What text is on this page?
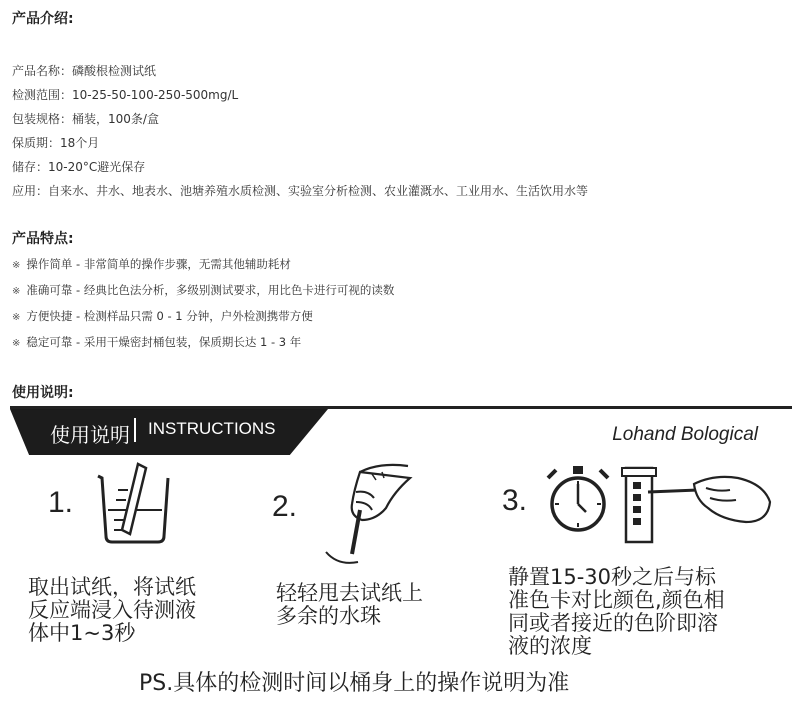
产品介绍:
产品名称：磷酸根检测试纸
检测范围：10-25-50-100-250-500mg/L
包装规格：桶装，100条/盒
保质期：18个月
储存：10-20°C避光保存
应用：自来水、井水、地表水、池塘养殖水质检测、实验室分析检测、农业灌溉水、工业用水、生活饮用水等
产品特点:
※ 操作简单 - 非常简单的操作步骤，无需其他辅助耗材
※ 准确可靠 - 经典比色法分析，多级别测试要求，用比色卡进行可视的读数
※ 方便快捷 - 检测样品只需 0 - 1 分钟，户外检测携带方便
※ 稳定可靠 - 采用干燥密封桶包装，保质期长达 1 - 3 年
使用说明:
使用说明 INSTRUCTIONS	Lohand Bological
1.
取出试纸，将试纸
反应端浸入待测液
体中1~3秒
2.
轻轻甩去试纸上
多余的水珠
3.
静置15-30秒之后与标
准色卡对比颜色,颜色相
同或者接近的色阶即溶
液的浓度
PS.具体的检测时间以桶身上的操作说明为准
